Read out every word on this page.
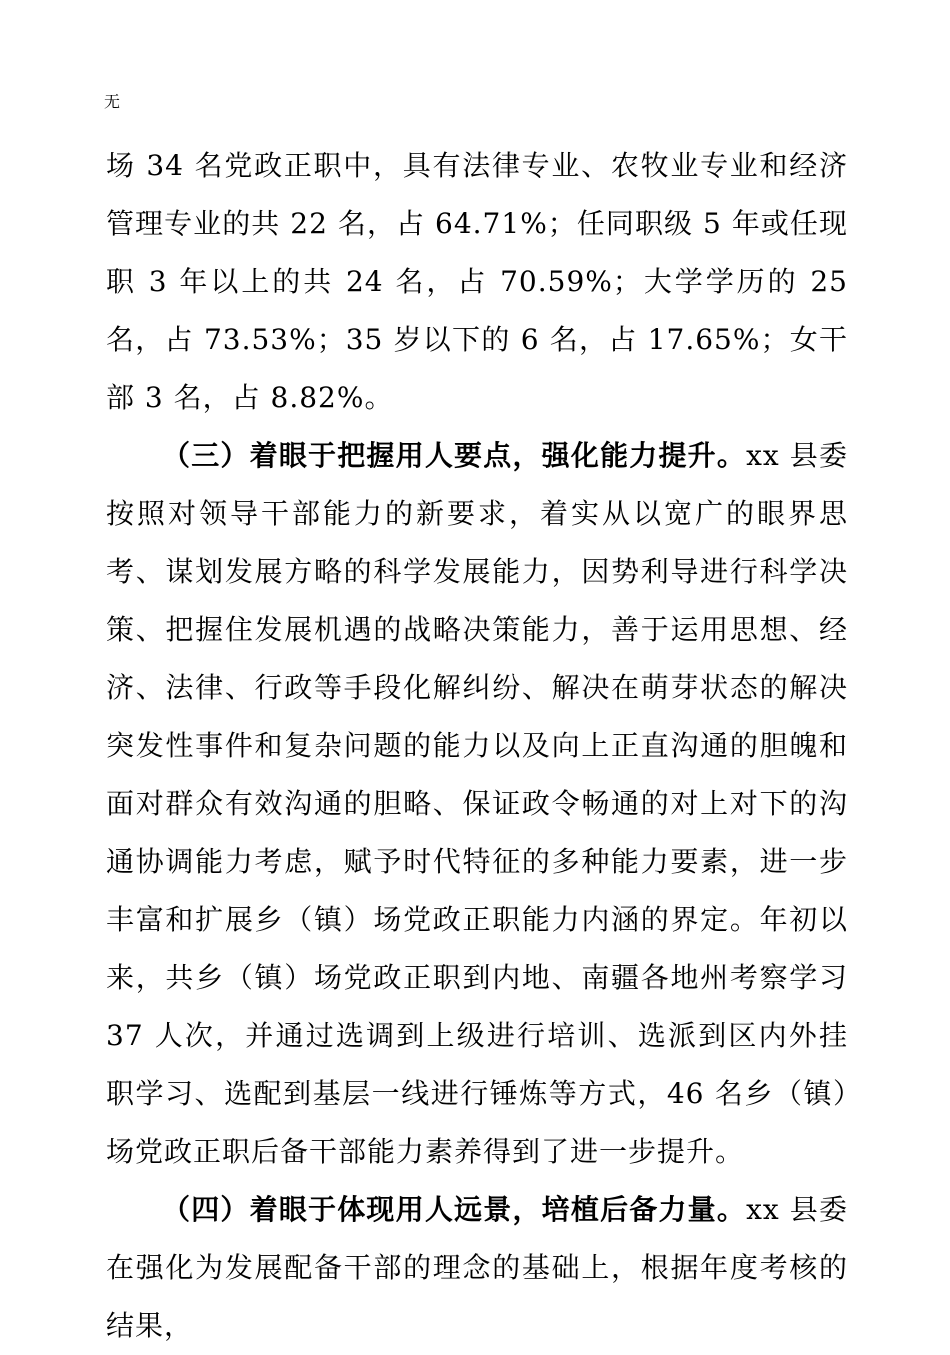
无

场 34 名党政正职中，具有法律专业、农牧业专业和经济管理专业的共 22 名，占 64.71%；任同职级 5 年或任现职 3 年以上的共 24 名，占 70.59%；大学学历的 25 名，占 73.53%；35 岁以下的 6 名，占 17.65%；女干部 3 名，占 8.82%。

（三）着眼于把握用人要点，强化能力提升。xx 县委按照对领导干部能力的新要求，着实从以宽广的眼界思考、谋划发展方略的科学发展能力，因势利导进行科学决策、把握住发展机遇的战略决策能力，善于运用思想、经济、法律、行政等手段化解纠纷、解决在萌芽状态的解决突发性事件和复杂问题的能力以及向上正直沟通的胆魄和面对群众有效沟通的胆略、保证政令畅通的对上对下的沟通协调能力考虑，赋予时代特征的多种能力要素，进一步丰富和扩展乡（镇）场党政正职能力内涵的界定。年初以来，共乡（镇）场党政正职到内地、南疆各地州考察学习 37 人次，并通过选调到上级进行培训、选派到区内外挂职学习、选配到基层一线进行锤炼等方式，46 名乡（镇）场党政正职后备干部能力素养得到了进一步提升。

（四）着眼于体现用人远景，培植后备力量。xx 县委在强化为发展配备干部的理念的基础上，根据年度考核的结果，
